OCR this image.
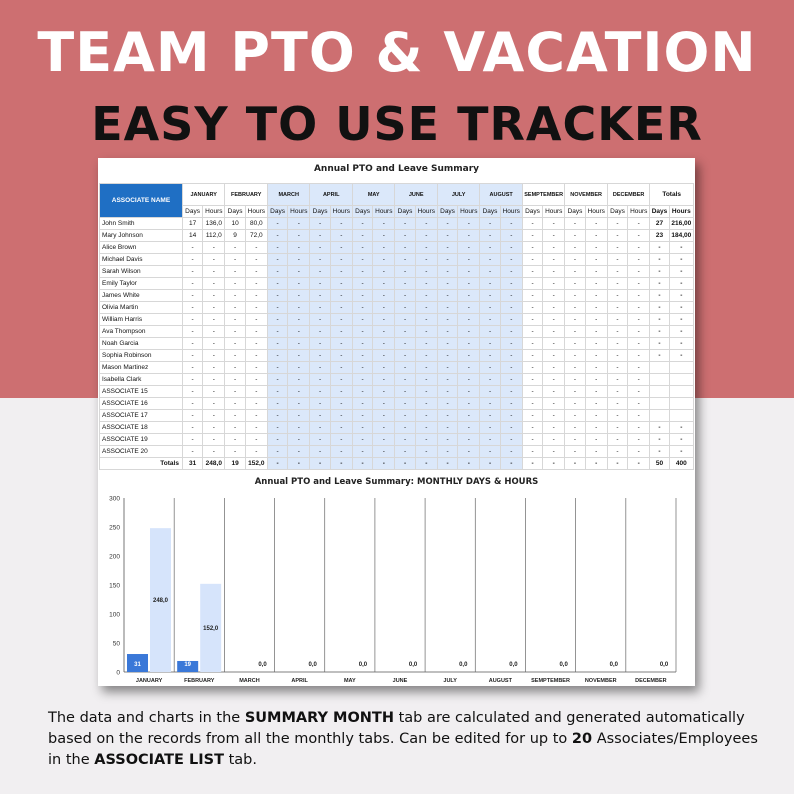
TEAM PTO & VACATION
EASY TO USE TRACKER
Annual PTO and Leave Summary
ASSOCIATE NAME	JANUARY		FEBRUARY		MARCH		APRIL		MAY		JUNE		JULY		AUGUST		SEMPTEMBER		NOVEMBER		DECEMBER		Totals	
	Days	Hours	Days	Hours	Days	Hours	Days	Hours	Days	Hours	Days	Hours	Days	Hours	Days	Hours	Days	Hours	Days	Hours	Days	Hours	Days	Hours
John Smith	17	136,0	10	80,0	-	-	-	-	-	-	-	-	-	-	-	-	-	-	-	-	-	-	27	216,00
Mary Johnson	14	112,0	9	72,0	-	-	-	-	-	-	-	-	-	-	-	-	-	-	-	-	-	-	23	184,00
Alice Brown	-	-	-	-	-	-	-	-	-	-	-	-	-	-	-	-	-	-	-	-	-	-	-	-
Michael Davis	-	-	-	-	-	-	-	-	-	-	-	-	-	-	-	-	-	-	-	-	-	-	-	-
Sarah Wilson	-	-	-	-	-	-	-	-	-	-	-	-	-	-	-	-	-	-	-	-	-	-	-	-
Emily Taylor	-	-	-	-	-	-	-	-	-	-	-	-	-	-	-	-	-	-	-	-	-	-	-	-
James White	-	-	-	-	-	-	-	-	-	-	-	-	-	-	-	-	-	-	-	-	-	-	-	-
Olivia Martin	-	-	-	-	-	-	-	-	-	-	-	-	-	-	-	-	-	-	-	-	-	-	-	-
William Harris	-	-	-	-	-	-	-	-	-	-	-	-	-	-	-	-	-	-	-	-	-	-	-	-
Ava Thompson	-	-	-	-	-	-	-	-	-	-	-	-	-	-	-	-	-	-	-	-	-	-	-	-
Noah Garcia	-	-	-	-	-	-	-	-	-	-	-	-	-	-	-	-	-	-	-	-	-	-	-	-
Sophia Robinson	-	-	-	-	-	-	-	-	-	-	-	-	-	-	-	-	-	-	-	-	-	-	-	-
Mason Martinez	-	-	-	-	-	-	-	-	-	-	-	-	-	-	-	-	-	-	-	-	-	-		
Isabella Clark	-	-	-	-	-	-	-	-	-	-	-	-	-	-	-	-	-	-	-	-	-	-		
ASSOCIATE 15	-	-	-	-	-	-	-	-	-	-	-	-	-	-	-	-	-	-	-	-	-	-		
ASSOCIATE 16	-	-	-	-	-	-	-	-	-	-	-	-	-	-	-	-	-	-	-	-	-	-		
ASSOCIATE 17	-	-	-	-	-	-	-	-	-	-	-	-	-	-	-	-	-	-	-	-	-	-		
ASSOCIATE 18	-	-	-	-	-	-	-	-	-	-	-	-	-	-	-	-	-	-	-	-	-	-	-	-
ASSOCIATE 19	-	-	-	-	-	-	-	-	-	-	-	-	-	-	-	-	-	-	-	-	-	-	-	-
ASSOCIATE 20	-	-	-	-	-	-	-	-	-	-	-	-	-	-	-	-	-	-	-	-	-	-	-	-
Totals	31	248,0	19	152,0	-	-	-	-	-	-	-	-	-	-	-	-	-	-	-	-	-	-	50	400
Annual PTO and Leave Summary: MONTHLY DAYS & HOURS
0
50
100
150
200
250
300
31
248,0
JANUARY
19
152,0
FEBRUARY
0,0
MARCH
0,0
APRIL
0,0
MAY
0,0
JUNE
0,0
JULY
0,0
AUGUST
0,0
SEMPTEMBER
0,0
NOVEMBER
0,0
DECEMBER
The data and charts in the SUMMARY MONTH tab are calculated and generated automatically based on the records from all the monthly tabs. Can be edited for up to 20 Associates/Employees in the ASSOCIATE LIST tab.
